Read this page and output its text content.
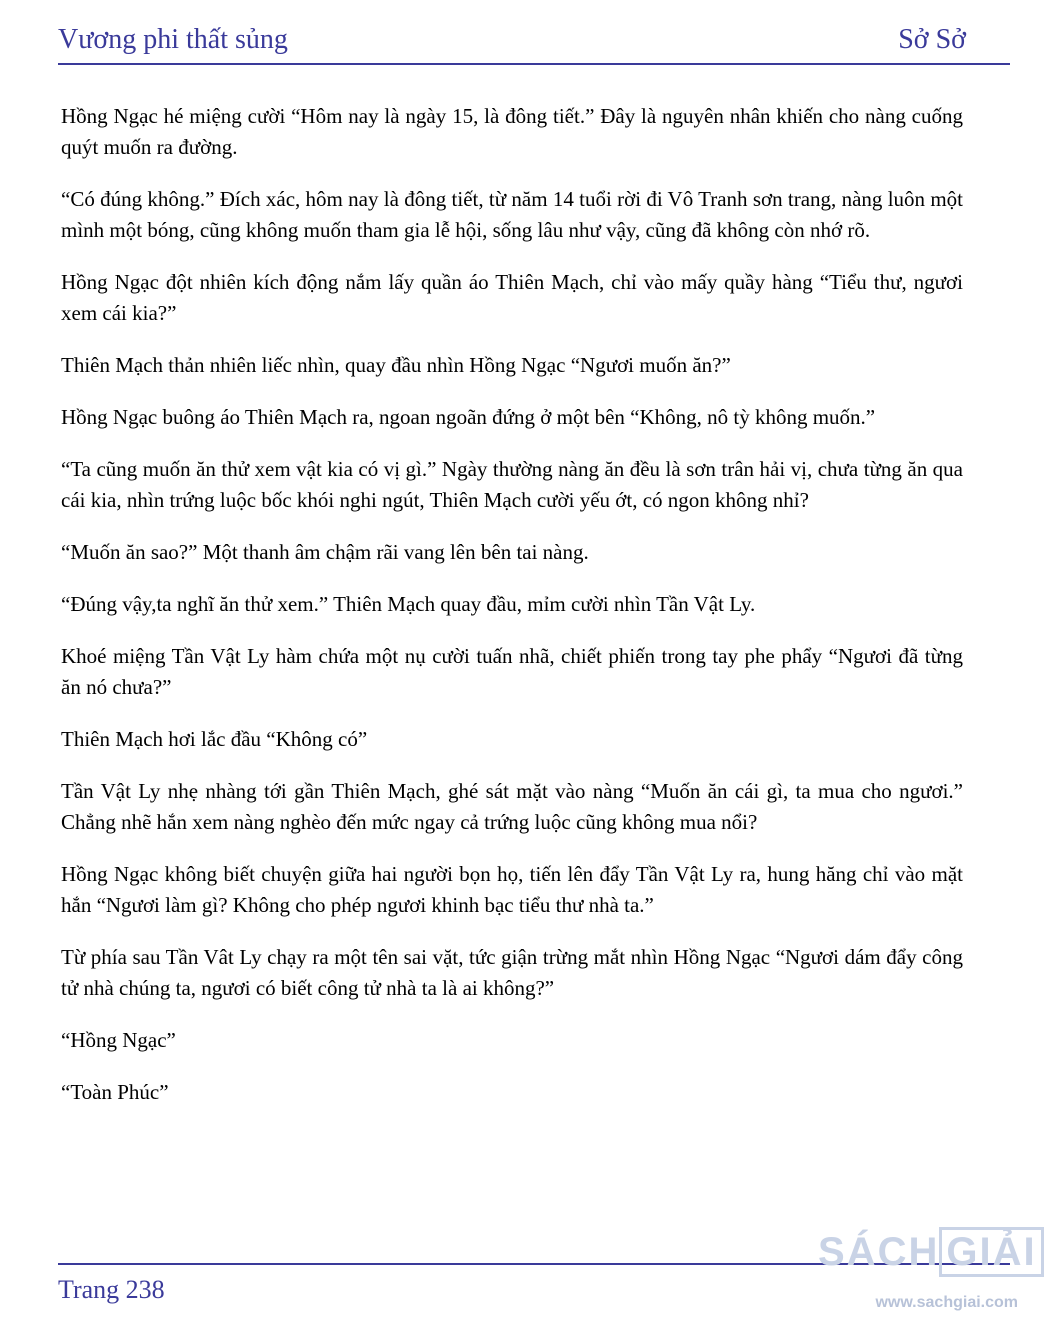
Vương phi thất sủng	Sở Sở

Hồng Ngạc hé miệng cười “Hôm nay là ngày 15, là đông tiết.” Đây là nguyên nhân khiến cho nàng cuống quýt muốn ra đường.

“Có đúng không.” Đích xác, hôm nay là đông tiết, từ năm 14 tuổi rời đi Vô Tranh sơn trang, nàng luôn một mình một bóng, cũng không muốn tham gia lễ hội, sống lâu như vậy, cũng đã không còn nhớ rõ.

Hồng Ngạc đột nhiên kích động nắm lấy quần áo Thiên Mạch, chỉ vào mấy quầy hàng “Tiểu thư, ngươi xem cái kia?”

Thiên Mạch thản nhiên liếc nhìn, quay đầu nhìn Hồng Ngạc “Ngươi muốn ăn?”

Hồng Ngạc buông áo Thiên Mạch ra, ngoan ngoãn đứng ở một bên “Không, nô tỳ không muốn.”

“Ta cũng muốn ăn thử xem vật kia có vị gì.” Ngày thường nàng ăn đều là sơn trân hải vị, chưa từng ăn qua cái kia, nhìn trứng luộc bốc khói nghi ngút, Thiên Mạch cười yếu ớt, có ngon không nhỉ?

“Muốn ăn sao?” Một thanh âm chậm rãi vang lên bên tai nàng.

“Đúng vậy,ta nghĩ ăn thử xem.” Thiên Mạch quay đầu, mỉm cười nhìn Tần Vật Ly.

Khoé miệng Tần Vật Ly hàm chứa một nụ cười tuấn nhã, chiết phiến trong tay phe phẩy “Ngươi đã từng ăn nó chưa?”

Thiên Mạch hơi lắc đầu “Không có”

Tần Vật Ly nhẹ nhàng tới gần Thiên Mạch, ghé sát mặt vào nàng “Muốn ăn cái gì, ta mua cho ngươi.” Chẳng nhẽ hắn xem nàng nghèo đến mức ngay cả trứng luộc cũng không mua nổi?

Hồng Ngạc không biết chuyện giữa hai người bọn họ, tiến lên đẩy Tần Vật Ly ra, hung hăng chỉ vào mặt hắn “Ngươi làm gì? Không cho phép ngươi khinh bạc tiểu thư nhà ta.”

Từ phía sau Tần Vât Ly chạy ra một tên sai vặt, tức giận trừng mắt nhìn Hồng Ngạc “Ngươi dám đẩy công tử nhà chúng ta, ngươi có biết công tử nhà ta là ai không?”

“Hồng Ngạc”

“Toàn Phúc”

Trang 238
SÁCH GIẢI
www.sachgiai.com
